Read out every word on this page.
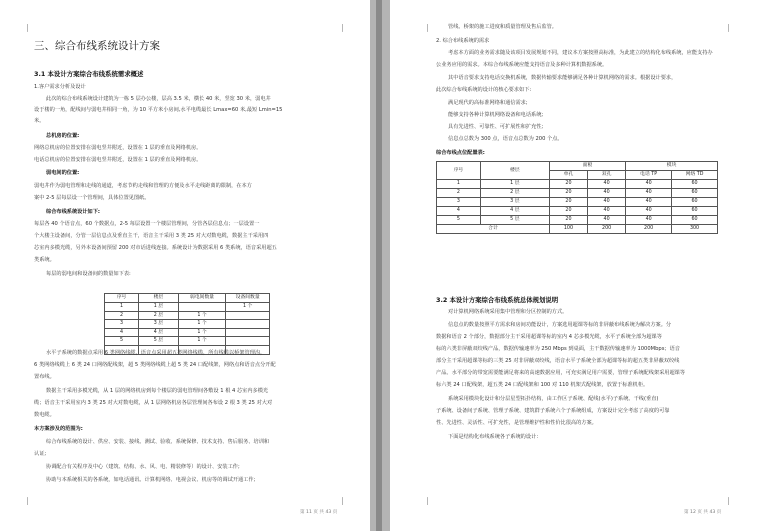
三、综合布线系统设计方案
3.1 本设计方案综合布线系统需求概述
1.客户需求分析及设计
此次的综合布线系统设计建筑为一栋 5 层办公楼，层高 3.5 米，横长 40 米，竖宽 30 米，弱电井
设于楼的一角，配线间与弱电井相同一角，为 10 平方米小房间,水平电缆最长 Lmax=60 米,最短 Lmin=15
米。
总机房的位置:
网络总机房的位置安排在弱电竖井附近，设置在 1 层的垂直及网络机房。
电话总机房的位置安排在弱电竖井附近，设置在 1 层的垂直及网络机房。
弱电间的位置:
弱电井作为弱电管理和走线的通道，考虑节约走线和管理的方便及水平走线距离的限制，在本方
案中 2-5 层每层设一个管理间，具体位置见图纸。
综合布线系统设计如下:
每层各 40 个语音点，60 个数据点，2-5 每层设置一个楼层管理间，分管各层信息点；一层设置一
个大楼主设备间，分管一层信息点及垂直主干，语音主干采用 3 类 25 对大对数电缆，数据主干采用四
芯室内多模光缆，另外本设备间预留 200 对市话进线连接。系统设计为数据采用 6 类系统，语音采用超五
类系统。
每层的弱电间和设备间的数量如下表:
序号	楼层	弱电间数量	设备间数量
1	1 层		1 个
2	2 层	1 个	
3	3 层	1 个	
4	4 层	1 个	
5	5 层	1 个	

水平子系统的数据点采用 6 类网络线缆，语音点采用超五类网络线缆，所有线缆以桥架管理沟，
6 类网络线缆上 6 类 24 口网络配线架，超 5 类网络线缆上超 5 类 24 口配线架，网络点和语音点分开配
置布线。
数据主干采用多模光缆，从 1 层的网络机房到每个楼层的弱电管理间各敷设 1 根 4 芯室内多模光
缆；语音主干采用室内 3 类 25 对大对数电缆，从 1 层网络机房各层管理间各布设 2 根 3 类 25 对大对
数电缆。
本方案涉及的范围为:
综合布线系统的设计、供应、安装、接线、测试、验收、系统保修、技术支持、售后服务、培训和
认证;
协调配合有关程序及中心（建筑、结构、水、风、电、精装修等）的设计、安装工作;
协助与本系统相关的各系统，如电话通讯、计算机网络、电视会议、机房等的调试开通工作;
第 11 页 共 43 页
管线、桥架的施工进度和质量管理及售后监管。
2. 综合布线系统的需求
考虑本方面的业务需求随及该项目发展规划不同，建议本方案按照高标准，为此建立的结构化布线系统，应能支持办
公业务应用的需求。本综合布线系统应能支持语音及多种计算机数据系统。
其中语音要求支持电话交换机系统，数据传输要求能够满足各种计算机网络的需求。根据设计要求，
此次综合布线系统的设计的核心要求如下:
满足现代的高标准网络和通信需求;
能够支持各种计算机网络设备和电话系统;
具有先进性、可靠性、可扩展性和扩充性;
信息点总数为 300 点，语音点总数为 200 个点。
综合布线点位配置表:
序号	楼层	面板		模块	
		单孔	双孔	电话 TP	网络 TD
1	1 层	20	40	40	60
2	2 层	20	40	40	60
3	3 层	20	40	40	60
4	4 层	20	40	40	60
5	5 层	20	40	40	60
合计		100	200	200	300
3.2 本设计方案综合布线系统总体规划说明
对计算机网络系统采用集中管理和分区控制的方式。
信息点的数量按照平方需求和房间功能设计，方案选用超课等标的非屏蔽布线系统为解决方案。分
数据和语音 2 个部分，数据部分主干采用超课等标的室内 4 芯多模光缆，水平子系统全部为超课等
标的六类非屏蔽双绞线产品，数据传输速率为 250 Mbps 到桌面，主干数据传输速率为 1000Mbps；语音
部分主干采用超课等标的三类 25 对非屏蔽双绞线，语音水平子系统全部为超课等标的超五类非屏蔽双绞线
产品。水平部分的带宽需要能满足将来的高速数据应用，可充实满足用户需要，管理子系统配线架采用超课等
标六类 24 口配线架，超五类 24 口配线架和 100 对 110 机架式配线架，放置于标准机柜。
系统采用模块化设计和分层星型拓扑结构，由工作区子系统、配线(水平)子系统、干线(垂直)
子系统、设备间子系统、管理子系统、建筑群子系统六个子系统组成，方案设计完全考虑了高度的可靠
性、先进性、灵活性、可扩充性，是管理维护性和性价比很高的方案。
下面是结构化布线系统各子系统的设计：
第 12 页 共 43 页
